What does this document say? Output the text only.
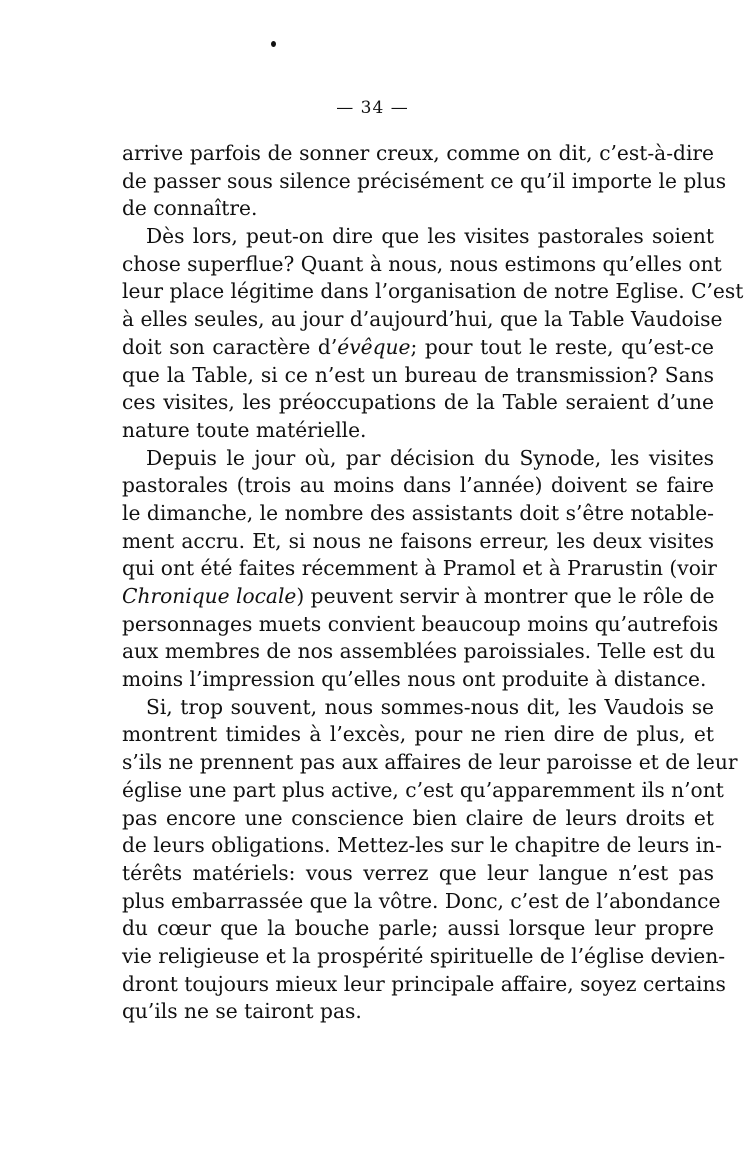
— 34 —
arrive parfois de sonner creux, comme on dit, c’est-à-dire
de passer sous silence précisément ce qu’il importe le plus
de connaître.
Dès lors, peut-on dire que les visites pastorales soient
chose superflue? Quant à nous, nous estimons qu’elles ont
leur place légitime dans l’organisation de notre Eglise. C’est
à elles seules, au jour d’aujourd’hui, que la Table Vaudoise
doit son caractère d’évêque; pour tout le reste, qu’est-ce
que la Table, si ce n’est un bureau de transmission? Sans
ces visites, les préoccupations de la Table seraient d’une
nature toute matérielle.
Depuis le jour où, par décision du Synode, les visites
pastorales (trois au moins dans l’année) doivent se faire
le dimanche, le nombre des assistants doit s’être notable-
ment accru. Et, si nous ne faisons erreur, les deux visites
qui ont été faites récemment à Pramol et à Prarustin (voir
Chronique locale) peuvent servir à montrer que le rôle de
personnages muets convient beaucoup moins qu’autrefois
aux membres de nos assemblées paroissiales. Telle est du
moins l’impression qu’elles nous ont produite à distance.
Si, trop souvent, nous sommes-nous dit, les Vaudois se
montrent timides à l’excès, pour ne rien dire de plus, et
s’ils ne prennent pas aux affaires de leur paroisse et de leur
église une part plus active, c’est qu’apparemment ils n’ont
pas encore une conscience bien claire de leurs droits et
de leurs obligations. Mettez-les sur le chapitre de leurs in-
térêts matériels: vous verrez que leur langue n’est pas
plus embarrassée que la vôtre. Donc, c’est de l’abondance
du cœur que la bouche parle; aussi lorsque leur propre
vie religieuse et la prospérité spirituelle de l’église devien-
dront toujours mieux leur principale affaire, soyez certains
qu’ils ne se tairont pas.
